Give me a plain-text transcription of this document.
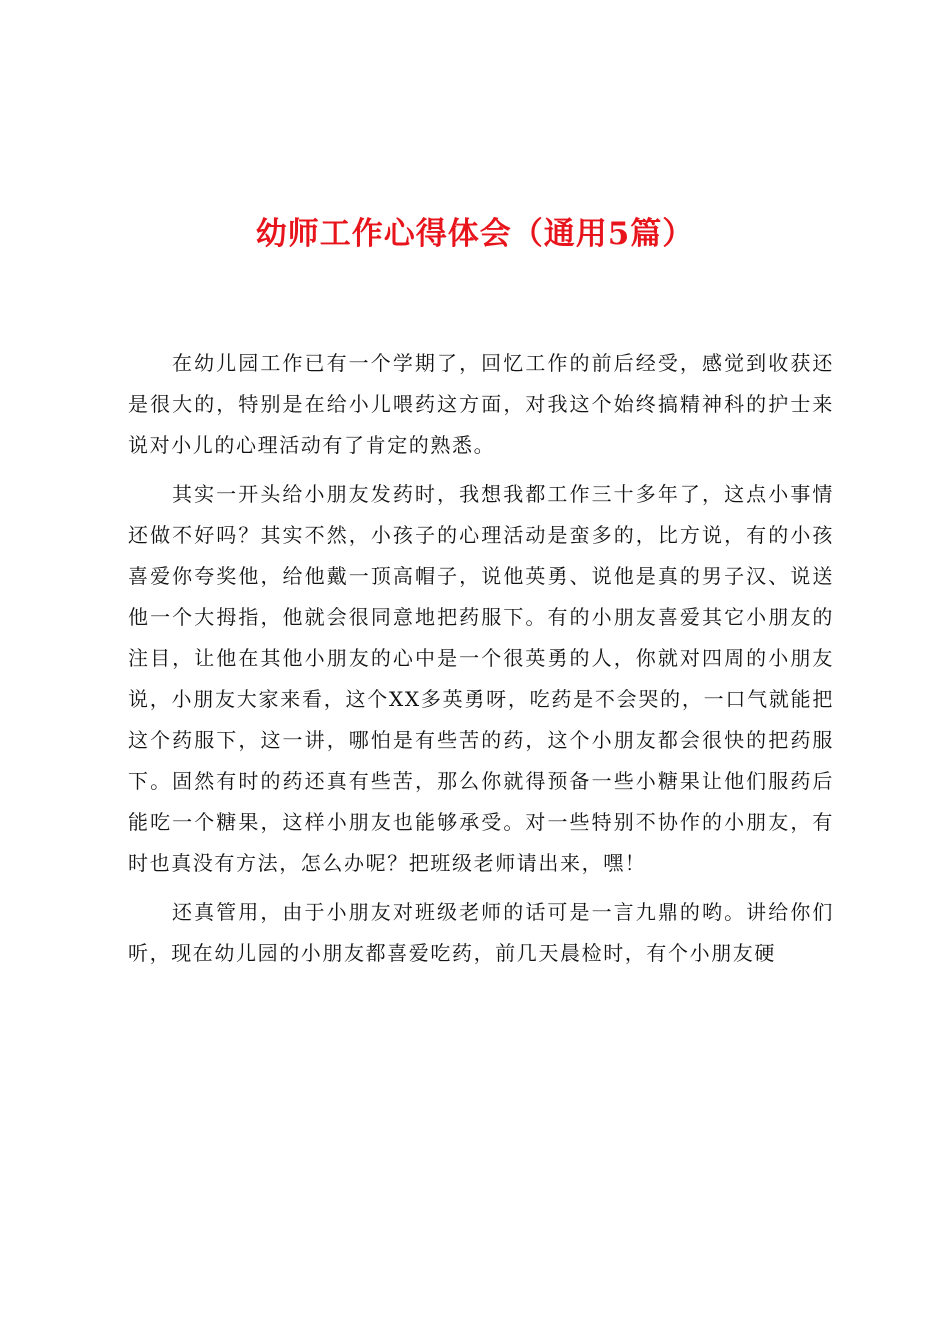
幼师工作心得体会（通用5篇）

在幼儿园工作已有一个学期了，回忆工作的前后经受，感觉到收获还是很大的，特别是在给小儿喂药这方面，对我这个始终搞精神科的护士来说对小儿的心理活动有了肯定的熟悉。

其实一开头给小朋友发药时，我想我都工作三十多年了，这点小事情还做不好吗？其实不然，小孩子的心理活动是蛮多的，比方说，有的小孩喜爱你夸奖他，给他戴一顶高帽子，说他英勇、说他是真的男子汉、说送他一个大拇指，他就会很同意地把药服下。有的小朋友喜爱其它小朋友的注目，让他在其他小朋友的心中是一个很英勇的人，你就对四周的小朋友说，小朋友大家来看，这个XX多英勇呀，吃药是不会哭的，一口气就能把这个药服下，这一讲，哪怕是有些苦的药，这个小朋友都会很快的把药服下。固然有时的药还真有些苦，那么你就得预备一些小糖果让他们服药后能吃一个糖果，这样小朋友也能够承受。对一些特别不协作的小朋友，有时也真没有方法，怎么办呢？把班级老师请出来，嘿！

还真管用，由于小朋友对班级老师的话可是一言九鼎的哟。讲给你们听，现在幼儿园的小朋友都喜爱吃药，前几天晨检时，有个小朋友硬
